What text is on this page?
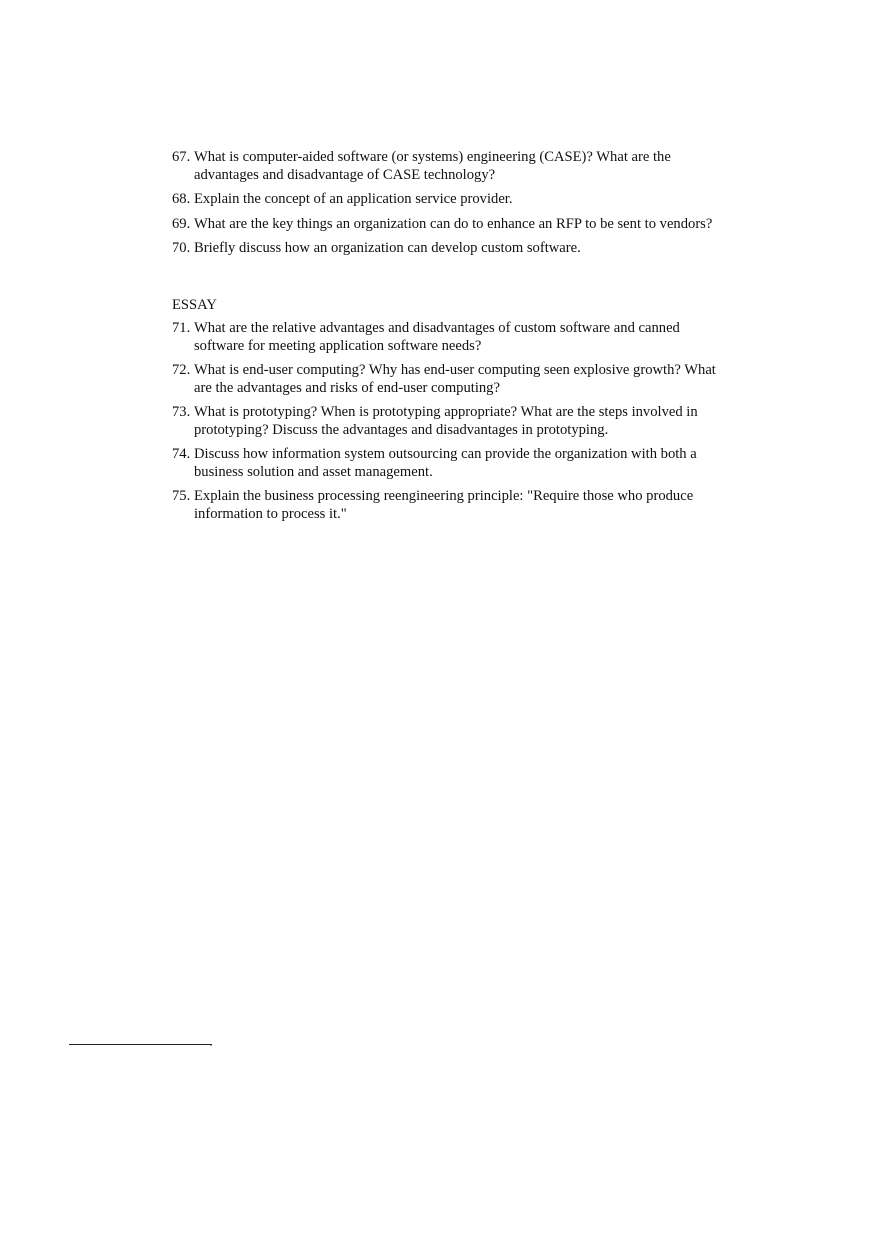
67. What is computer-aided software (or systems) engineering (CASE)? What are the advantages and disadvantage of CASE technology?
68. Explain the concept of an application service provider.
69. What are the key things an organization can do to enhance an RFP to be sent to vendors?
70. Briefly discuss how an organization can develop custom software.
ESSAY
71. What are the relative advantages and disadvantages of custom software and canned software for meeting application software needs?
72. What is end-user computing? Why has end-user computing seen explosive growth? What are the advantages and risks of end-user computing?
73. What is prototyping? When is prototyping appropriate? What are the steps involved in prototyping? Discuss the advantages and disadvantages in prototyping.
74. Discuss how information system outsourcing can provide the organization with both a business solution and asset management.
75. Explain the business processing reengineering principle: "Require those who produce information to process it."
.
